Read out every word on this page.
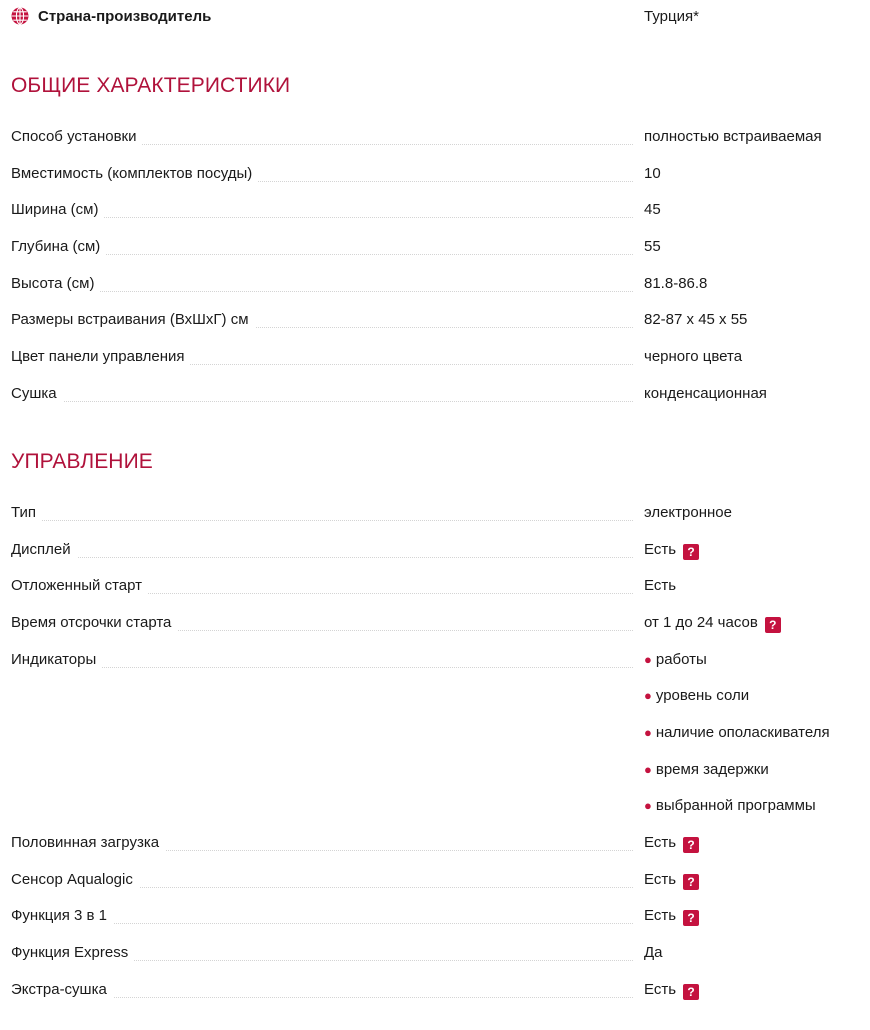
Страна-производитель	Турция*
ОБЩИЕ ХАРАКТЕРИСТИКИ
Способ установки	полностью встраиваемая
Вместимость (комплектов посуды)	10
Ширина (см)	45
Глубина (см)	55
Высота (см)	81.8-86.8
Размеры встраивания (ВхШхГ) см	82-87 x 45 x 55
Цвет панели управления	черного цвета
Сушка	конденсационная
УПРАВЛЕНИЕ
Тип	электронное
Дисплей	Есть ?
Отложенный старт	Есть
Время отсрочки старта	от 1 до 24 часов ?
Индикаторы	● работы
● уровень соли
● наличие ополаскивателя
● время задержки
● выбранной программы
Половинная загрузка	Есть ?
Сенсор Aqualogic	Есть ?
Функция 3 в 1	Есть ?
Функция Express	Да
Экстра-сушка	Есть ?
